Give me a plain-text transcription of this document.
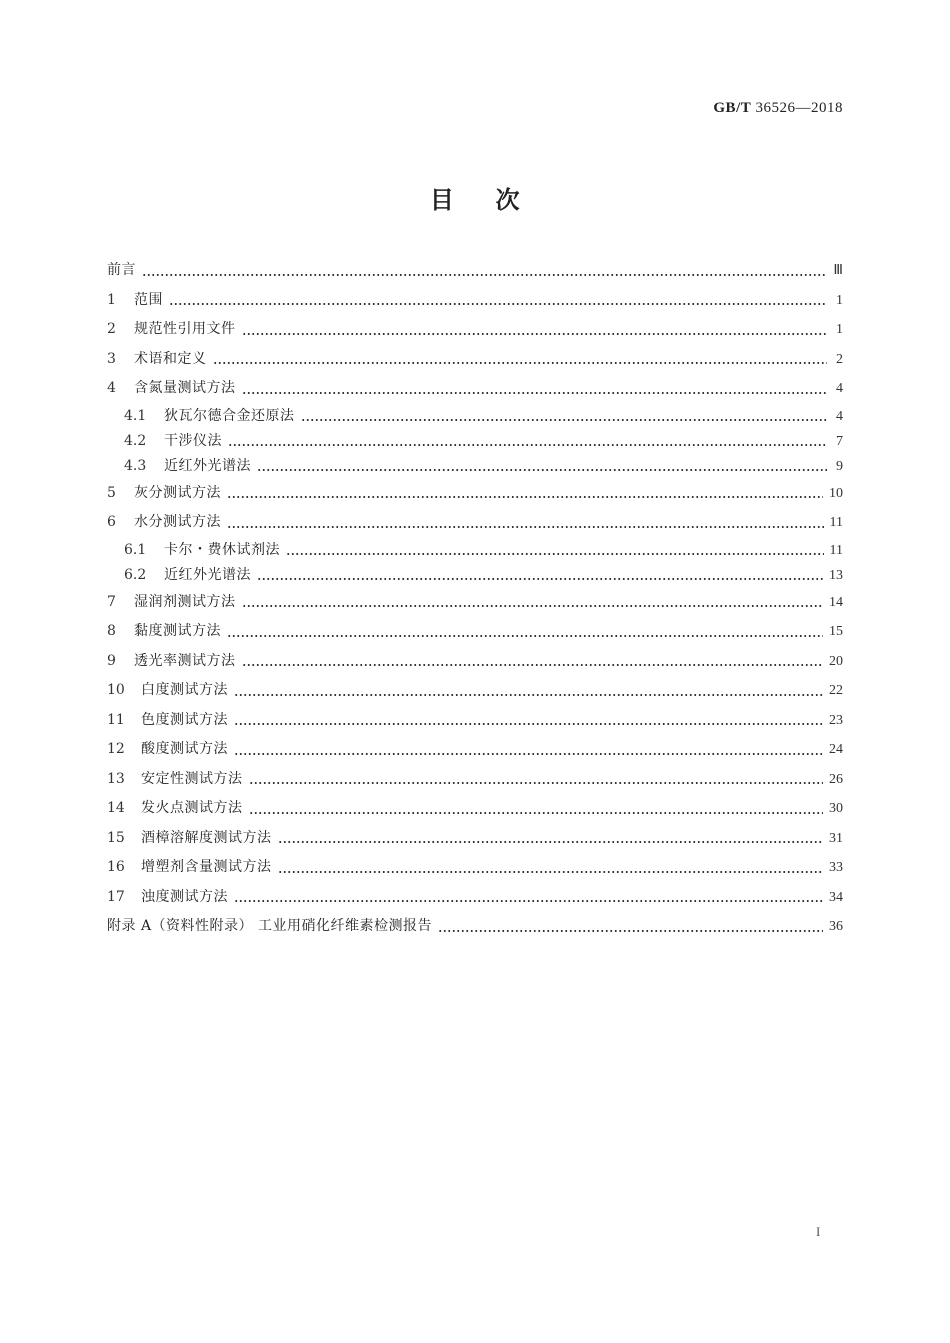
GB/T 36526—2018
目 次
前言	Ⅲ
1	范围	1
2	规范性引用文件	1
3	术语和定义	2
4	含氮量测试方法	4
4.1	狄瓦尔德合金还原法	4
4.2	干涉仪法	7
4.3	近红外光谱法	9
5	灰分测试方法	10
6	水分测试方法	11
6.1	卡尔・费休试剂法	11
6.2	近红外光谱法	13
7	湿润剂测试方法	14
8	黏度测试方法	15
9	透光率测试方法	20
10	白度测试方法	22
11	色度测试方法	23
12	酸度测试方法	24
13	安定性测试方法	26
14	发火点测试方法	30
15	酒樟溶解度测试方法	31
16	增塑剂含量测试方法	33
17	浊度测试方法	34
附录 A（资料性附录） 工业用硝化纤维素检测报告	36
I
